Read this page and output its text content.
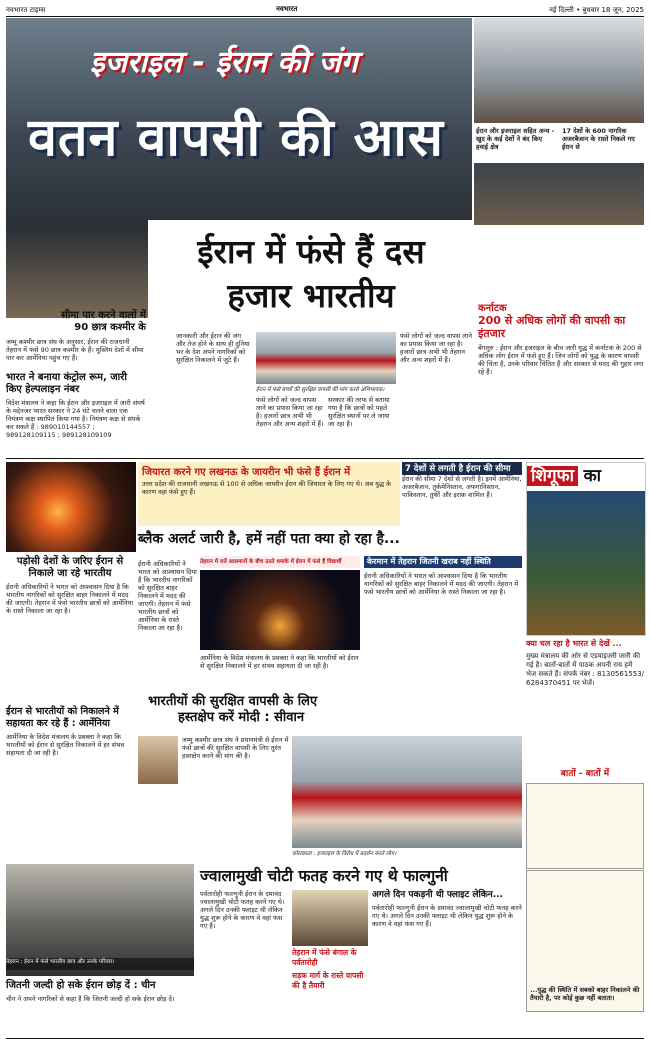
नवभारत टाइम्स	नवभारत	नई दिल्ली • बुधवार 18 जून, 2025
ईरान और इजराइल सहित अन्य - खुद के कई देशों ने बंद किए हवाई क्षेत्र
17 देशों के 600 नागरिक अजरबैजान के रास्ते निकले गए ईरान से
इजराइल - ईरान की जंग
वतन वापसी की आस
ईरान में फंसे हैं दस
हजार भारतीय
सीमा पार करने वालों में 90 छात्र कश्मीर के
जम्मू कश्मीर छात्र संघ के अनुसार, ईरान की राजधानी तेहरान में फंसे 90 छात्र कश्मीर के हैं। मुस्लिम देशों में सीमा पार कर आर्मेनिया पहुंच गए हैं।
भारत ने बनाया कंट्रोल रूम, जारी किए हेल्पलाइन नंबर
विदेश मंत्रालय ने कहा कि ईरान और इजराइल में जारी संघर्ष के मद्देनजर भारत सरकार ने 24 घंटे चलने वाला एक नियंत्रण कक्ष स्थापित किया गया है। नियंत्रण कक्ष से संपर्क कर सकते हैं : 989010144557 ; 989128109115 ; 989128109109
जानकारी और ईरान की जंग और तेज होने के साथ ही दुनिया भर के देश अपने नागरिकों को सुरक्षित निकालने में जुटे हैं।
ईरान में फंसे बच्चों की सुरक्षित वापसी की मांग करते अभिभावक।
फंसे लोगों को जल्द वापस लाने का प्रयास किया जा रहा है। हजारों छात्र अभी भी तेहरान और अन्य शहरों में हैं।
सरकार की तरफ से बताया गया है कि छात्रों को पहले सुरक्षित स्थानों पर ले जाया जा रहा है।
फंसे लोगों को जल्द वापस लाने का प्रयास किया जा रहा है। हजारों छात्र अभी भी तेहरान और अन्य शहरों में हैं।
कर्नाटक
200 से अधिक लोगों की वापसी का इंतजार
बेंगलुरु : ईरान और इजराइल के बीच जारी युद्ध में कर्नाटक के 200 से अधिक लोग ईरान में फंसे हुए हैं। जिन लोगों को युद्ध के कारण वापसी की चिंता है, उनके परिवार चिंतित हैं और सरकार से मदद की गुहार लगा रहे हैं।
जियारत करने गए लखनऊ के जायरीन भी फंसे हैं ईरान में
उत्तर प्रदेश की राजधानी लखनऊ से 100 से अधिक जायरीन ईरान की जियारत के लिए गए थे। अब युद्ध के कारण वहां फंसे हुए हैं।
7 देशों से लगती है ईरान की सीमा
ईरान की सीमा 7 देशों से लगती है। इनमें आर्मेनिया, अजरबैजान, तुर्कमेनिस्तान, अफगानिस्तान, पाकिस्तान, तुर्की और इराक शामिल हैं।
शिगूफा का
ब्लैक अलर्ट जारी है, हमें नहीं पता क्या हो रहा है...
पड़ोसी देशों के जरिए ईरान से निकाले जा रहे भारतीय
ईरानी अधिकारियों ने भारत को आश्वासन दिया है कि भारतीय नागरिकों को सुरक्षित बाहर निकालने में मदद की जाएगी। तेहरान में फंसे भारतीय छात्रों को आर्मेनिया के रास्ते निकाला जा रहा है।
ईरान से भारतीयों को निकालने में सहायता कर रहे हैं : आर्मेनिया
आर्मेनिया के विदेश मंत्रालय के प्रवक्ता ने कहा कि भारतीयों को ईरान से सुरक्षित निकालने में हर संभव सहायता दी जा रही है।
तेहरान में रातें आसमानों के बीच उठते धमाके में ईरान में फंसे हैं विद्यार्थी	केरमान में तेहरान जितनी खराब नहीं स्थिति
ईरानी अधिकारियों ने भारत को आश्वासन दिया है कि भारतीय नागरिकों को सुरक्षित बाहर निकालने में मदद की जाएगी। तेहरान में फंसे भारतीय छात्रों को आर्मेनिया के रास्ते निकाला जा रहा है।
आर्मेनिया के विदेश मंत्रालय के प्रवक्ता ने कहा कि भारतीयों को ईरान से सुरक्षित निकालने में हर संभव सहायता दी जा रही है।
ईरानी अधिकारियों ने भारत को आश्वासन दिया है कि भारतीय नागरिकों को सुरक्षित बाहर निकालने में मदद की जाएगी। तेहरान में फंसे भारतीय छात्रों को आर्मेनिया के रास्ते निकाला जा रहा है।
भारतीयों की सुरक्षित वापसी के लिए
हस्तक्षेप करें मोदी : सीवान
जम्मू कश्मीर छात्र संघ ने प्रधानमंत्री से ईरान में फंसे छात्रों की सुरक्षित वापसी के लिए तुरंत हस्तक्षेप करने की मांग की है।
कोलकाता : इजराइल के विरोध में प्रदर्शन करते लोग।
क्या चल रहा है भारत से देखें ...
मुख्य मंत्रालय की ओर से एडवाइजरी जारी की गई है। बातों-बातों में पाठक अपनी राय हमें भेज सकते हैं। संपर्क नंबर : 8130561553/ 6284370451 पर भेजें।
बातों - बातों में
तेहरान : ईरान में फंसे भारतीय छात्र और उनके परिवार।
ज्वालामुखी चोटी फतह करने गए थे फाल्गुनी
पर्वतारोही फाल्गुनी ईरान के दमावंद ज्वालामुखी चोटी फतह करने गए थे। अगले दिन उनकी फ्लाइट थी लेकिन युद्ध शुरू होने के कारण वे वहां फंस गए हैं।
तेहरान में फंसे बंगाल के पर्वतारोही
सड़क मार्ग के रास्ते वापसी की है तैयारी
अगले दिन पकड़नी थी फ्लाइट लेकिन...
पर्वतारोही फाल्गुनी ईरान के दमावंद ज्वालामुखी चोटी फतह करने गए थे। अगले दिन उनकी फ्लाइट थी लेकिन युद्ध शुरू होने के कारण वे वहां फंस गए हैं।
...युद्ध की स्थिति में सबको बाहर निकालने की तैयारी है, पर कोई कुछ नहीं बताता।
जितनी जल्दी हो सके ईरान छोड़ दें : चीन
चीन ने अपने नागरिकों से कहा है कि जितनी जल्दी हो सके ईरान छोड़ दें।
